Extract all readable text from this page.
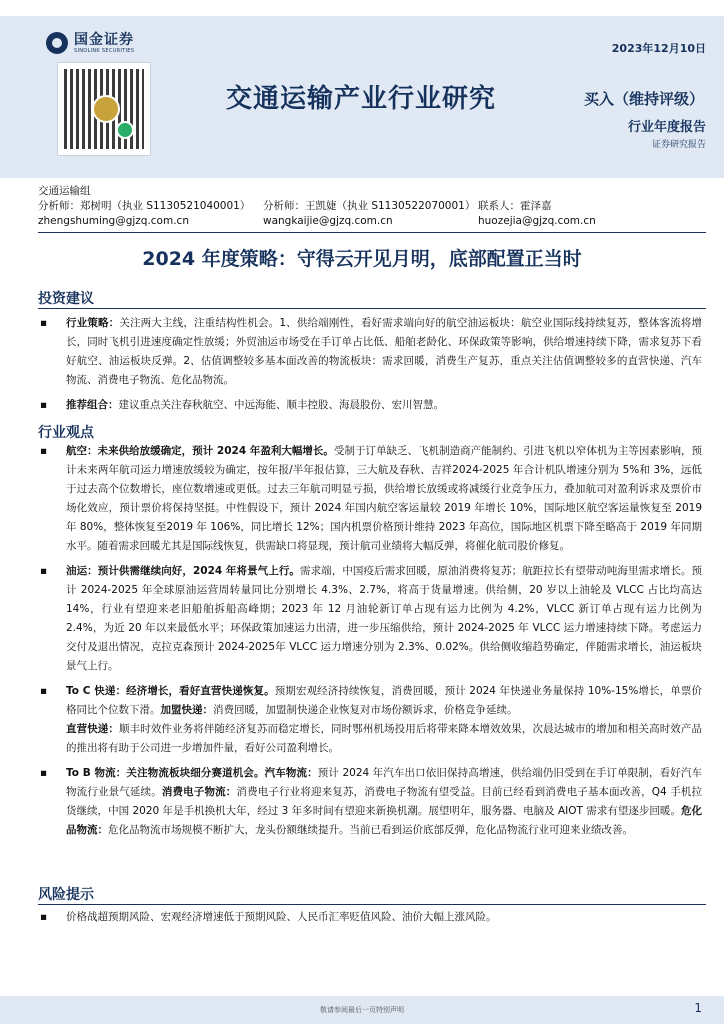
国金证券
SINOLINK SECURITIES	2023年12月10日
交通运输产业行业研究	买入（维持评级）
行业年度报告
证券研究报告
交通运输组
分析师：郑树明（执业 S1130521040001） 分析师：王凯婕（执业 S1130522070001） 联系人：霍泽嘉
zhengshuming@gjzq.com.cn	wangkaijie@gjzq.com.cn	huozejia@gjzq.com.cn
2024 年度策略：守得云开见月明，底部配置正当时
投资建议
▪ 行业策略：关注两大主线，注重结构性机会。1、供给端刚性，看好需求端向好的航空油运板块：航空业国际线持续复苏，整体客流将增长，同时飞机引进速度确定性放缓；外贸油运市场受在手订单占比低、船舶老龄化、环保政策等影响，供给增速持续下降，需求复苏下看好航空、油运板块反弹。2、估值调整较多基本面改善的物流板块：需求回暖，消费生产复苏，重点关注估值调整较多的直营快递、汽车物流、消费电子物流、危化品物流。
▪ 推荐组合：建议重点关注春秋航空、中远海能、顺丰控股、海晨股份、宏川智慧。
行业观点
▪ 航空：未来供给放缓确定，预计 2024 年盈利大幅增长。受制于订单缺乏、飞机制造商产能制约、引进飞机以窄体机为主等因素影响，预计未来两年航司运力增速放缓较为确定，按年报/半年报估算，三大航及春秋、吉祥2024-2025 年合计机队增速分别为 5%和 3%，远低于过去高个位数增长，座位数增速或更低。过去三年航司明显亏损，供给增长放缓或将减缓行业竞争压力，叠加航司对盈利诉求及票价市场化效应，预计票价将保持坚挺。中性假设下，预计 2024 年国内航空客运量较 2019 年增长 10%，国际地区航空客运量恢复至 2019 年 80%，整体恢复至2019 年 106%，同比增长 12%；国内机票价格预计维持 2023 年高位，国际地区机票下降至略高于 2019 年同期水平。随着需求回暖尤其是国际线恢复，供需缺口将显现，预计航司业绩将大幅反弹，将催化航司股价修复。
▪ 油运：预计供需继续向好，2024 年将景气上行。需求端，中国疫后需求回暖，原油消费将复苏；航距拉长有望带动吨海里需求增长。预计 2024-2025 年全球原油运营周转量同比分别增长 4.3%、2.7%，将高于货量增速。供给侧，20 岁以上油轮及 VLCC 占比均高达 14%，行业有望迎来老旧船舶拆船高峰期；2023 年 12 月油轮新订单占现有运力比例为 4.2%，VLCC 新订单占现有运力比例为 2.4%，为近 20 年以来最低水平；环保政策加速运力出清，进一步压缩供给，预计 2024-2025 年 VLCC 运力增速持续下降。考虑运力交付及退出情况，克拉克森预计 2024-2025年 VLCC 运力增速分别为 2.3%、0.02%。供给侧收缩趋势确定，伴随需求增长，油运板块景气上行。
▪ To C 快递：经济增长，看好直营快递恢复。预期宏观经济持续恢复，消费回暖，预计 2024 年快递业务量保持 10%-15%增长，单票价格同比个位数下滑。加盟快递：消费回暖，加盟制快递企业恢复对市场份额诉求，价格竞争延续。
直营快递：顺丰时效件业务将伴随经济复苏而稳定增长，同时鄂州机场投用后将带来降本增效效果，次晨达城市的增加和相关高时效产品的推出将有助于公司进一步增加件量，看好公司盈利增长。
▪ To B 物流：关注物流板块细分赛道机会。汽车物流：预计 2024 年汽车出口依旧保持高增速，供给端仍旧受到在手订单限制，看好汽车物流行业景气延续。消费电子物流：消费电子行业将迎来复苏，消费电子物流有望受益。目前已经看到消费电子基本面改善，Q4 手机拉货继续，中国 2020 年是手机换机大年，经过 3 年多时间有望迎来新换机潮。展望明年，服务器、电脑及 AIOT 需求有望逐步回暖。危化品物流：危化品物流市场规模不断扩大，龙头份额继续提升。当前已看到运价底部反弹，危化品物流行业可迎来业绩改善。
风险提示
▪ 价格战超预期风险、宏观经济增速低于预期风险、人民币汇率贬值风险、油价大幅上涨风险。
敬请参阅最后一页特别声明	1
